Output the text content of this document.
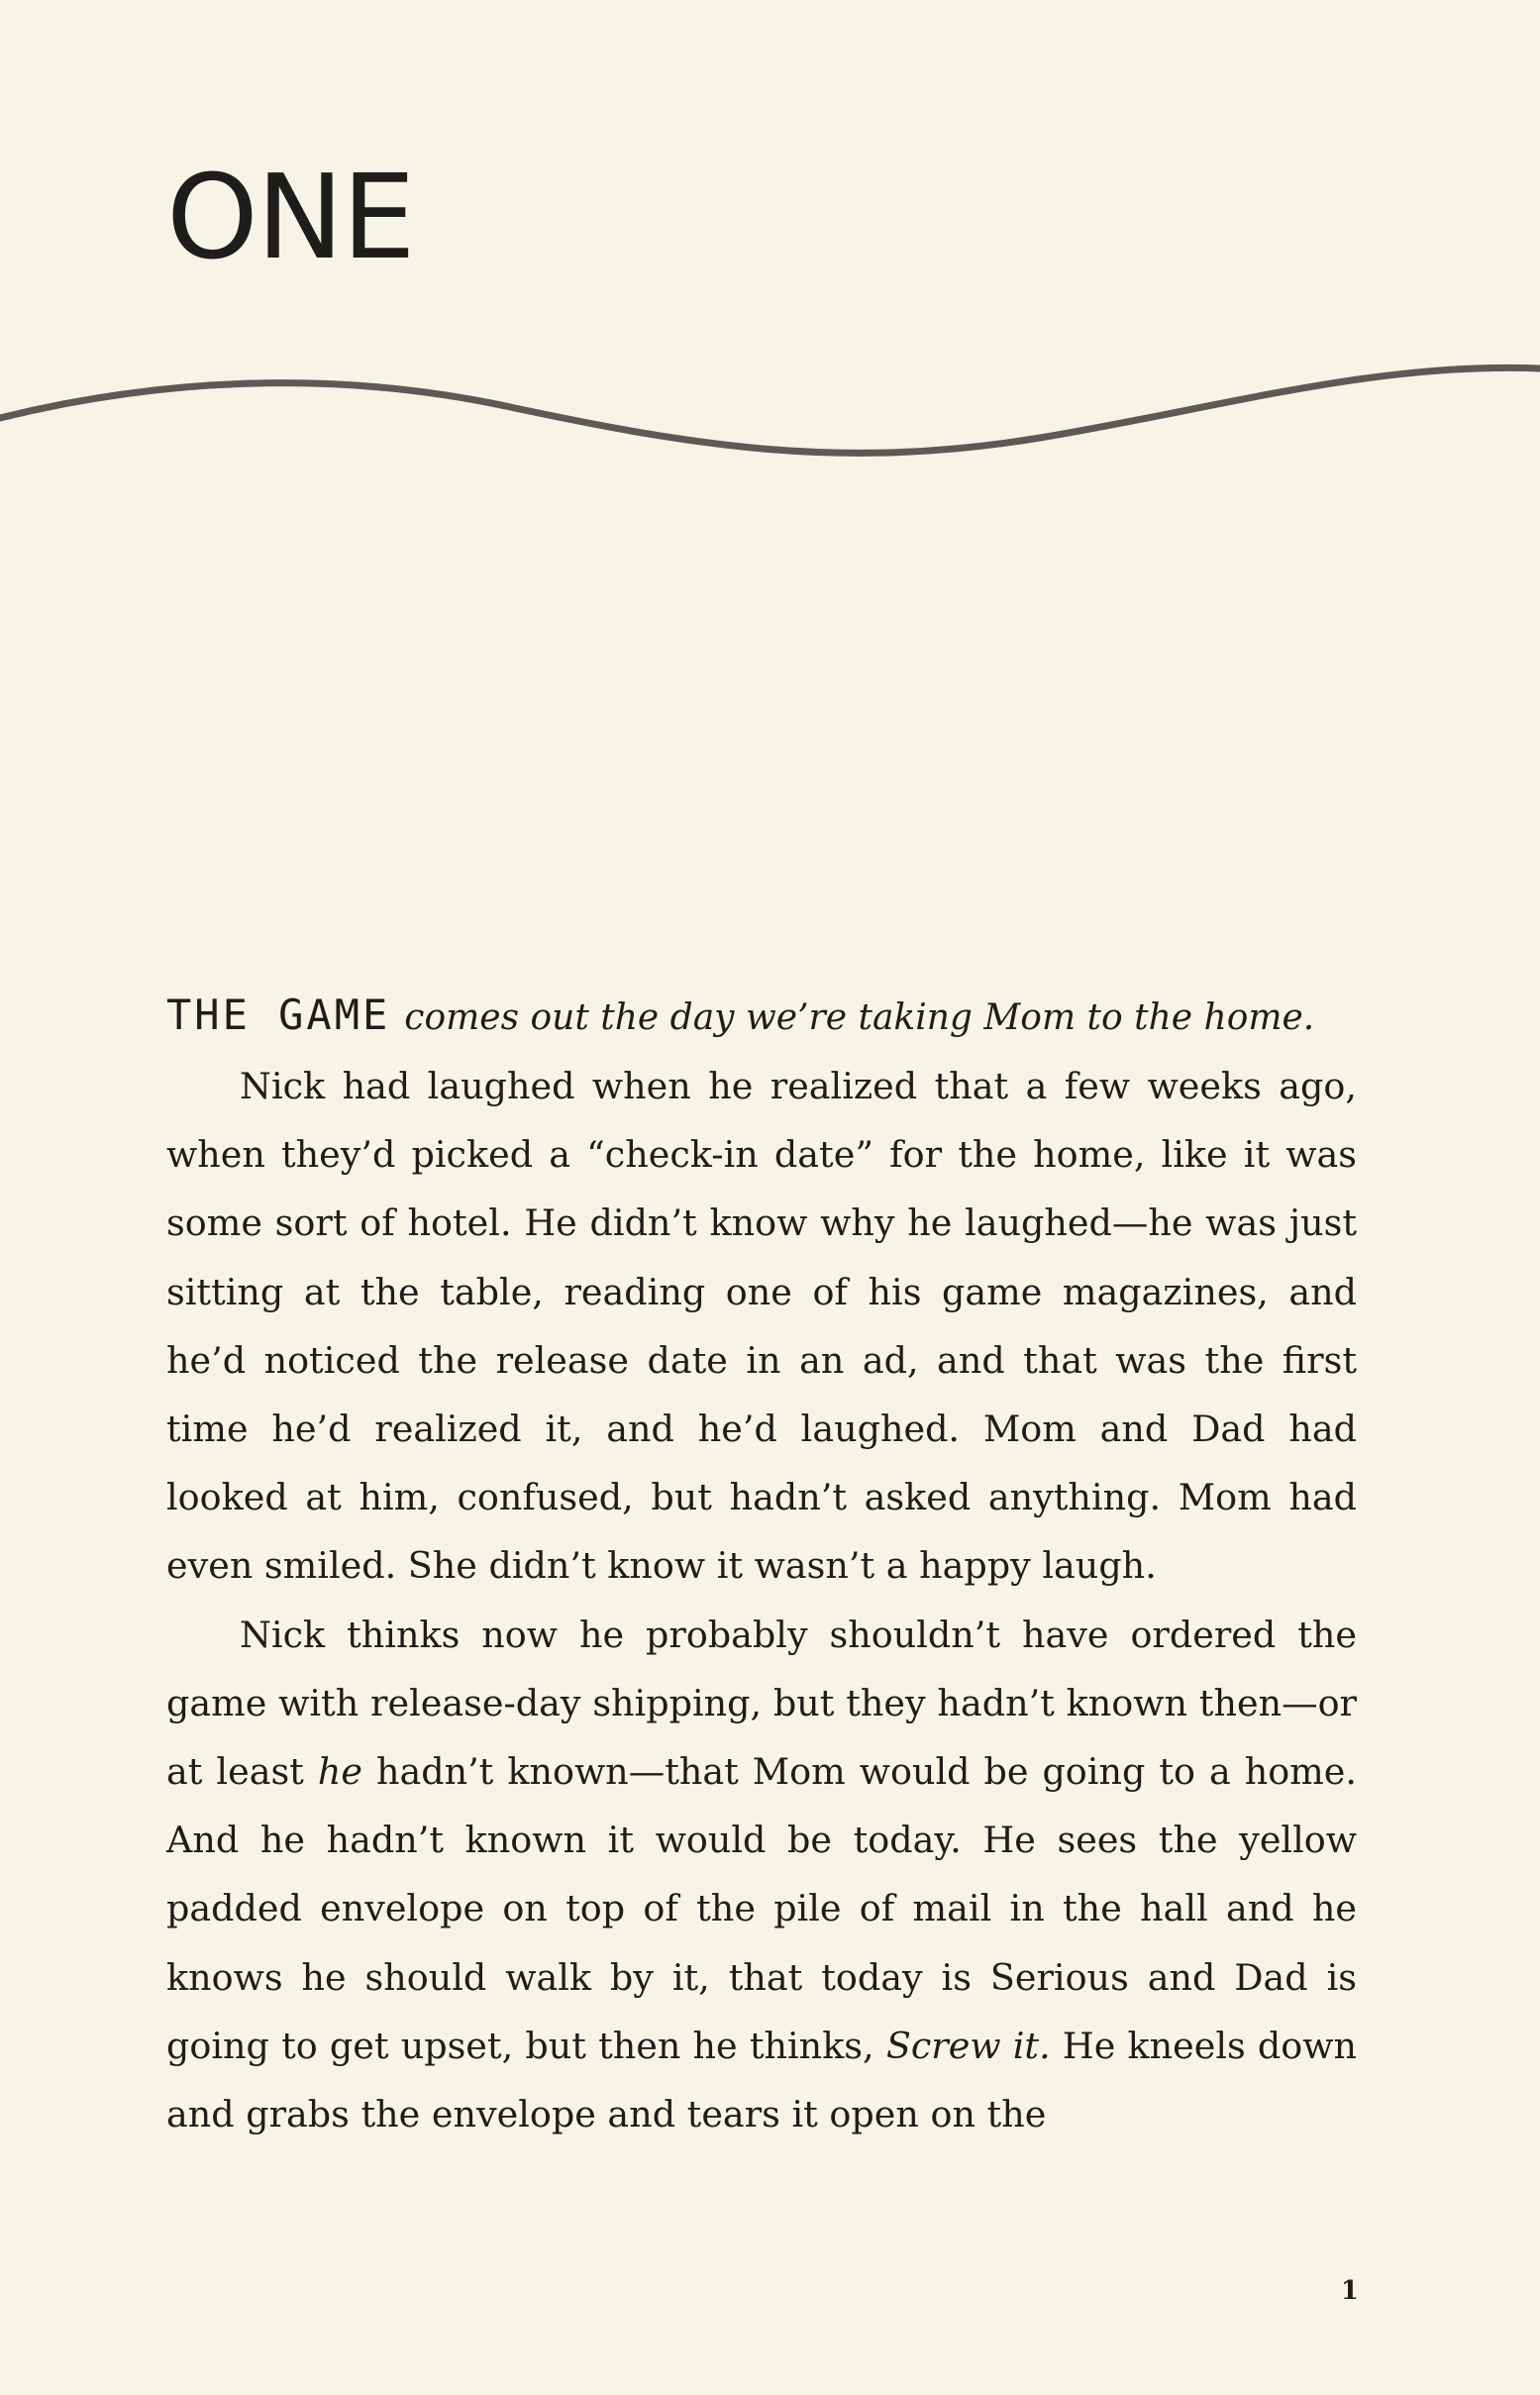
ONE

THE GAME comes out the day we’re taking Mom to the home.

Nick had laughed when he realized that a few weeks ago, when they’d picked a “check-in date” for the home, like it was some sort of hotel. He didn’t know why he laughed—he was just sitting at the table, reading one of his game magazines, and he’d noticed the release date in an ad, and that was the first time he’d realized it, and he’d laughed. Mom and Dad had looked at him, confused, but hadn’t asked anything. Mom had even smiled. She didn’t know it wasn’t a happy laugh.

Nick thinks now he probably shouldn’t have ordered the game with release-day shipping, but they hadn’t known then—or at least he hadn’t known—that Mom would be going to a home. And he hadn’t known it would be today. He sees the yellow padded envelope on top of the pile of mail in the hall and he knows he should walk by it, that today is Serious and Dad is going to get upset, but then he thinks, Screw it. He kneels down and grabs the envelope and tears it open on the

1
